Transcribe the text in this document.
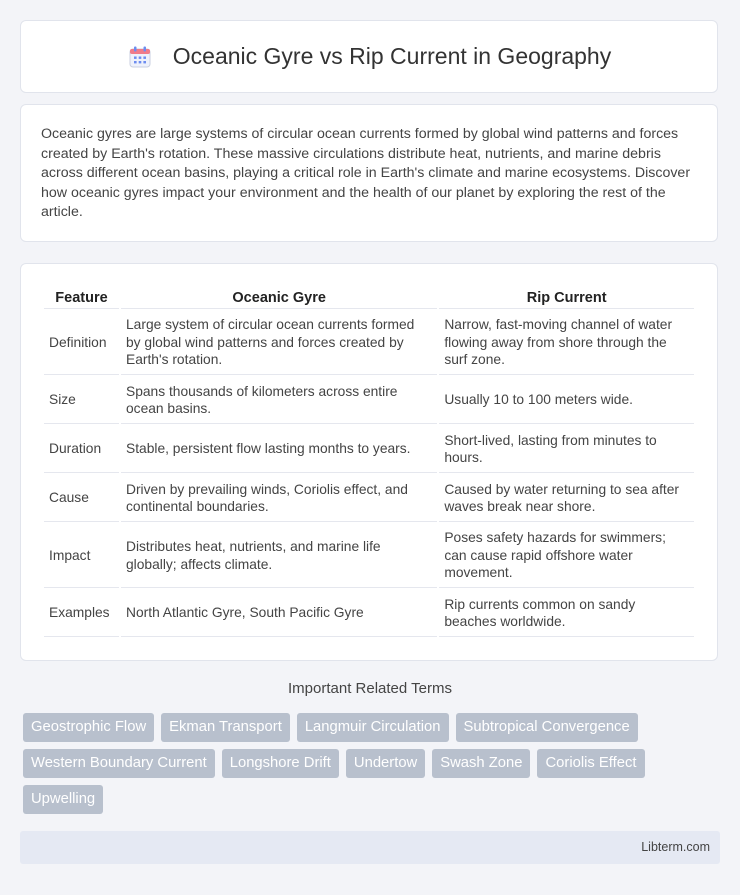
Oceanic Gyre vs Rip Current in Geography
Oceanic gyres are large systems of circular ocean currents formed by global wind patterns and forces created by Earth's rotation. These massive circulations distribute heat, nutrients, and marine debris across different ocean basins, playing a critical role in Earth's climate and marine ecosystems. Discover how oceanic gyres impact your environment and the health of our planet by exploring the rest of the article.
Feature	Oceanic Gyre	Rip Current
Definition	Large system of circular ocean currents formed by global wind patterns and forces created by Earth's rotation.	Narrow, fast-moving channel of water flowing away from shore through the surf zone.
Size	Spans thousands of kilometers across entire ocean basins.	Usually 10 to 100 meters wide.
Duration	Stable, persistent flow lasting months to years.	Short-lived, lasting from minutes to hours.
Cause	Driven by prevailing winds, Coriolis effect, and continental boundaries.	Caused by water returning to sea after waves break near shore.
Impact	Distributes heat, nutrients, and marine life globally; affects climate.	Poses safety hazards for swimmers; can cause rapid offshore water movement.
Examples	North Atlantic Gyre, South Pacific Gyre	Rip currents common on sandy beaches worldwide.
Important Related Terms
Geostrophic Flow	Ekman Transport	Langmuir Circulation	Subtropical Convergence
Western Boundary Current	Longshore Drift	Undertow	Swash Zone	Coriolis Effect
Upwelling
Libterm.com
